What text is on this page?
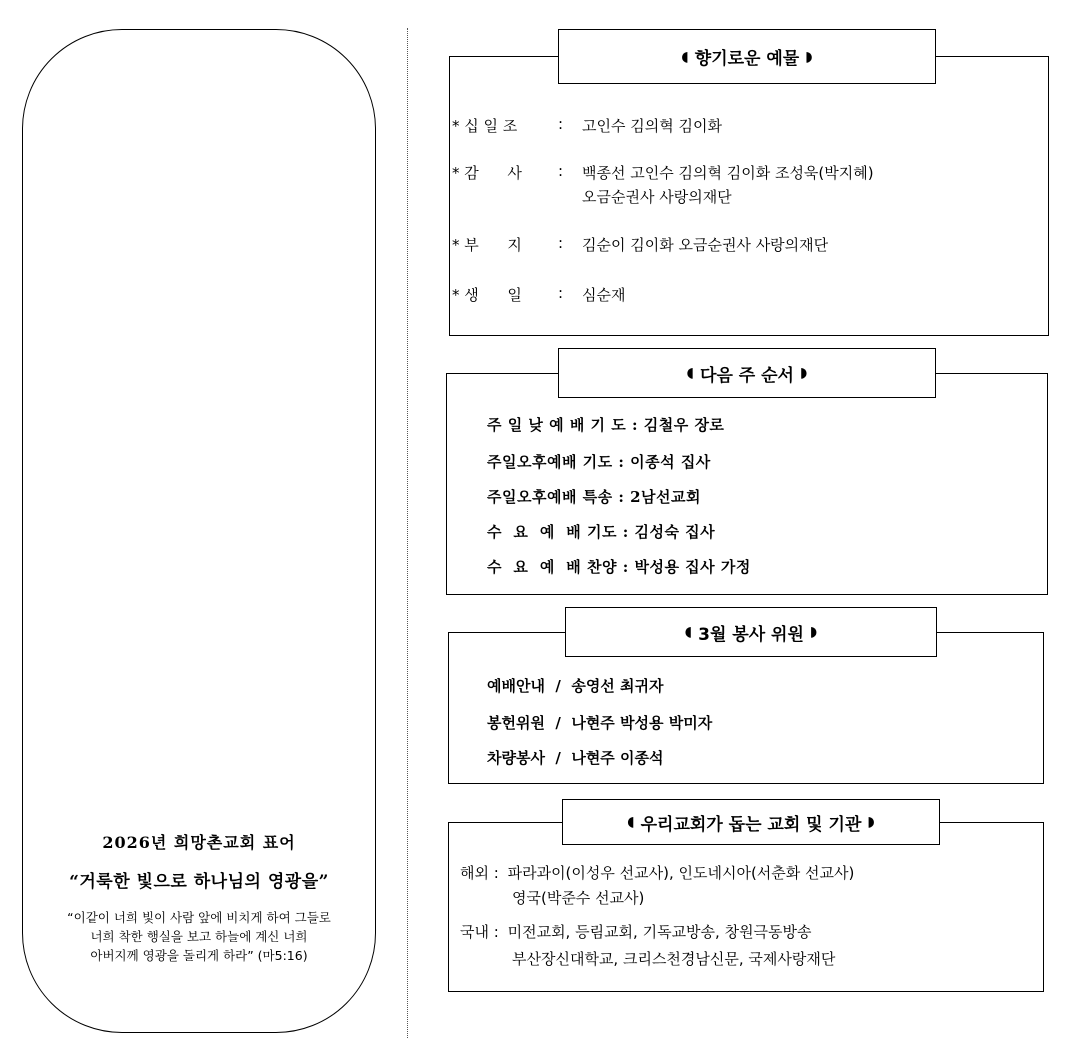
2026년 희망촌교회 표어
“거룩한 빛으로 하나님의 영광을”
“이같이 너희 빛이 사람 앞에 비치게 하여 그들로
너희 착한 행실을 보고 하늘에 계신 너희
아버지께 영광을 돌리게 하라” (마5:16)
◖ 향기로운 예물 ◗
* 십 일 조	: 고인수 김의혁 김이화
* 감      사 : 백종선 고인수 김의혁 김이화 조성욱(박지혜)
오금순권사 사랑의재단
* 부      지 : 김순이 김이화 오금순권사 사랑의재단
* 생      일 : 심순재
◖ 다음 주 순서 ◗
주 일 낮 예 배 기 도 : 김철우 장로
주일오후예배 기도 : 이종석 집사
주일오후예배 특송 : 2남선교회
수  요  예  배 기도 : 김성숙 집사
수  요  예  배 찬양 : 박성용 집사 가정
◖ 3월 봉사 위원 ◗
예배안내  /  송영선 최귀자
봉헌위원  /  나현주 박성용 박미자
차량봉사  /  나현주 이종석
◖ 우리교회가 돕는 교회 및 기관 ◗
해외 : 파라과이(이성우 선교사), 인도네시아(서춘화 선교사)
영국(박준수 선교사)
국내 : 미전교회, 등림교회, 기독교방송, 창원극동방송
부산장신대학교, 크리스천경남신문, 국제사랑재단
